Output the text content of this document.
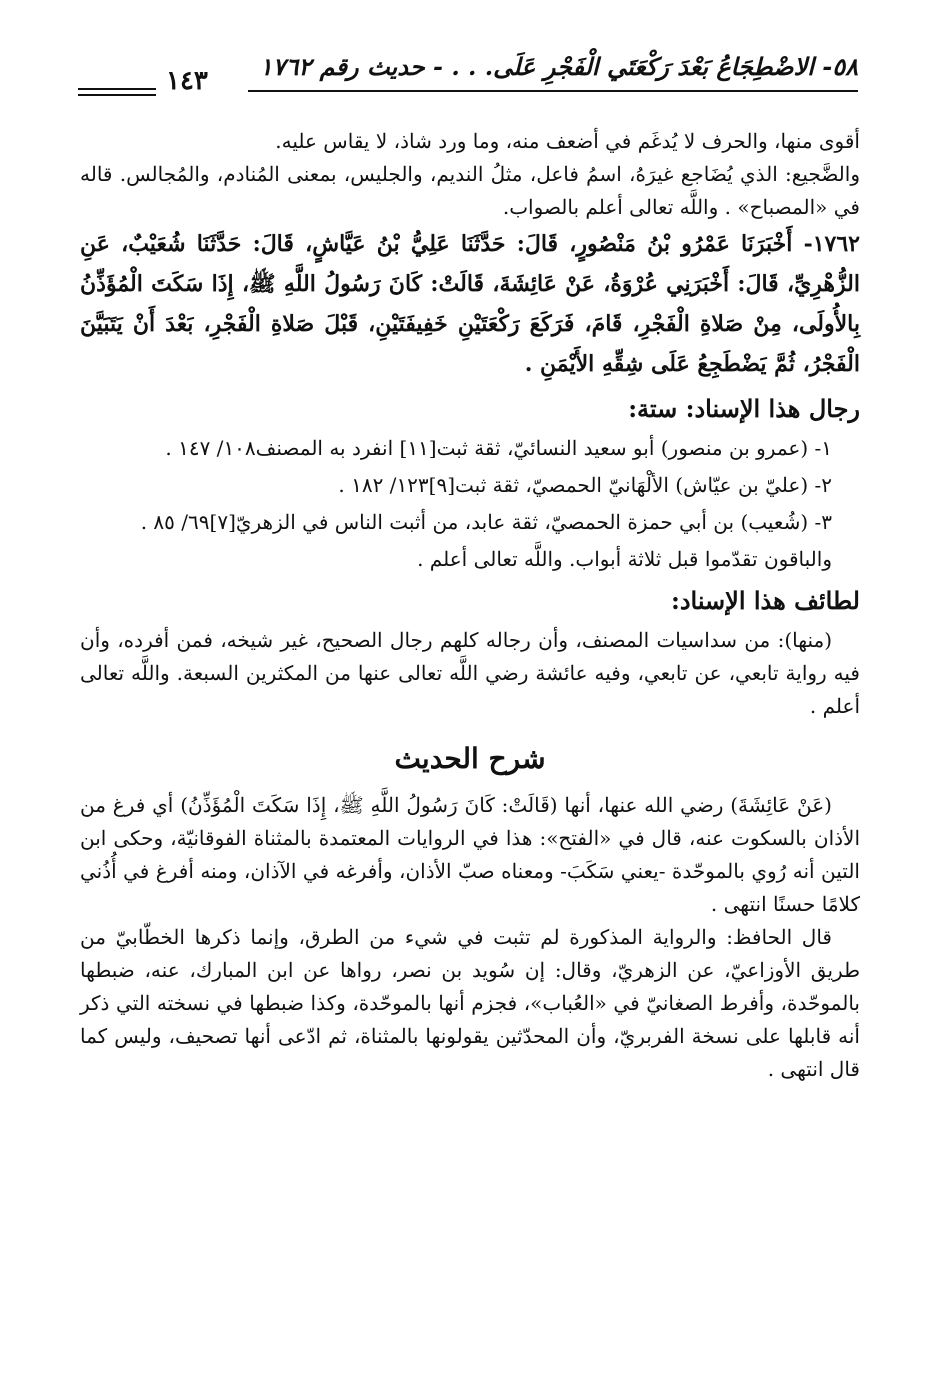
٥٨- الاضْطِجَاعُ بَعْدَ رَكْعَتَي الْفَجْرِ عَلَى. . . - حديث رقم ١٧٦٢
١٤٣

أقوى منها، والحرف لا يُدغَم في أضعف منه، وما ورد شاذ، لا يقاس عليه.

والضَّجيع: الذي يُضَاجع غيرَهُ، اسمُ فاعل، مثلُ النديم، والجليس، بمعنى المُنادم، والمُجالس. قاله في «المصباح» . واللَّه تعالى أعلم بالصواب.

١٧٦٢- أَخْبَرَنَا عَمْرُو بْنُ مَنْصُورٍ، قَالَ: حَدَّثَنَا عَلِيُّ بْنُ عَيَّاشٍ، قَالَ: حَدَّثَنَا شُعَيْبٌ، عَنِ الزُّهْرِيِّ، قَالَ: أَخْبَرَنِي عُرْوَةُ، عَنْ عَائِشَةَ، قَالَتْ: كَانَ رَسُولُ اللَّهِ ﷺ، إِذَا سَكَتَ الْمُؤَذِّنُ بِالأُولَى، مِنْ صَلاةِ الْفَجْرِ، قَامَ، فَرَكَعَ رَكْعَتَيْنِ خَفِيفَتَيْنِ، قَبْلَ صَلاةِ الْفَجْرِ، بَعْدَ أَنْ يَتَبَيَّنَ الْفَجْرُ، ثُمَّ يَضْطَجِعُ عَلَى شِقِّهِ الأَيْمَنِ .

رجال هذا الإسناد: ستة:

١- (عمرو بن منصور) أبو سعيد النسائيّ، ثقة ثبت[١١] انفرد به المصنف١٠٨/ ١٤٧ .

٢- (عليّ بن عيّاش) الألْهَانيّ الحمصيّ، ثقة ثبت[٩]١٢٣/ ١٨٢ .

٣- (شُعيب) بن أبي حمزة الحمصيّ، ثقة عابد، من أثبت الناس في الزهريّ[٧]٦٩/ ٨٥ .

والباقون تقدّموا قبل ثلاثة أبواب. واللَّه تعالى أعلم .

لطائف هذا الإسناد:

(منها): من سداسيات المصنف، وأن رجاله كلهم رجال الصحيح، غير شيخه، فمن أفرده، وأن فيه رواية تابعي، عن تابعي، وفيه عائشة رضي اللَّه تعالى عنها من المكثرين السبعة. واللَّه تعالى أعلم .

شرح الحديث

(عَنْ عَائِشَةَ) رضي الله عنها، أنها (قَالَتْ: كَانَ رَسُولُ اللَّهِ ﷺ، إِذَا سَكَتَ الْمُؤَذِّنُ) أي فرغ من الأذان بالسكوت عنه، قال في «الفتح»: هذا في الروايات المعتمدة بالمثناة الفوقانيّة، وحكى ابن التين أنه رُوي بالموحّدة -يعني سَكَبَ- ومعناه صبّ الأذان، وأفرغه في الآذان، ومنه أفرغ في أُذُني كلامًا حسنًا انتهى .

قال الحافظ: والرواية المذكورة لم تثبت في شيء من الطرق، وإنما ذكرها الخطّابيّ من طريق الأوزاعيّ، عن الزهريّ، وقال: إن سُويد بن نصر، رواها عن ابن المبارك، عنه، ضبطها بالموحّدة، وأفرط الصغانيّ في «العُباب»، فجزم أنها بالموحّدة، وكذا ضبطها في نسخته التي ذكر أنه قابلها على نسخة الفربريّ، وأن المحدّثين يقولونها بالمثناة، ثم ادّعى أنها تصحيف، وليس كما قال انتهى .
